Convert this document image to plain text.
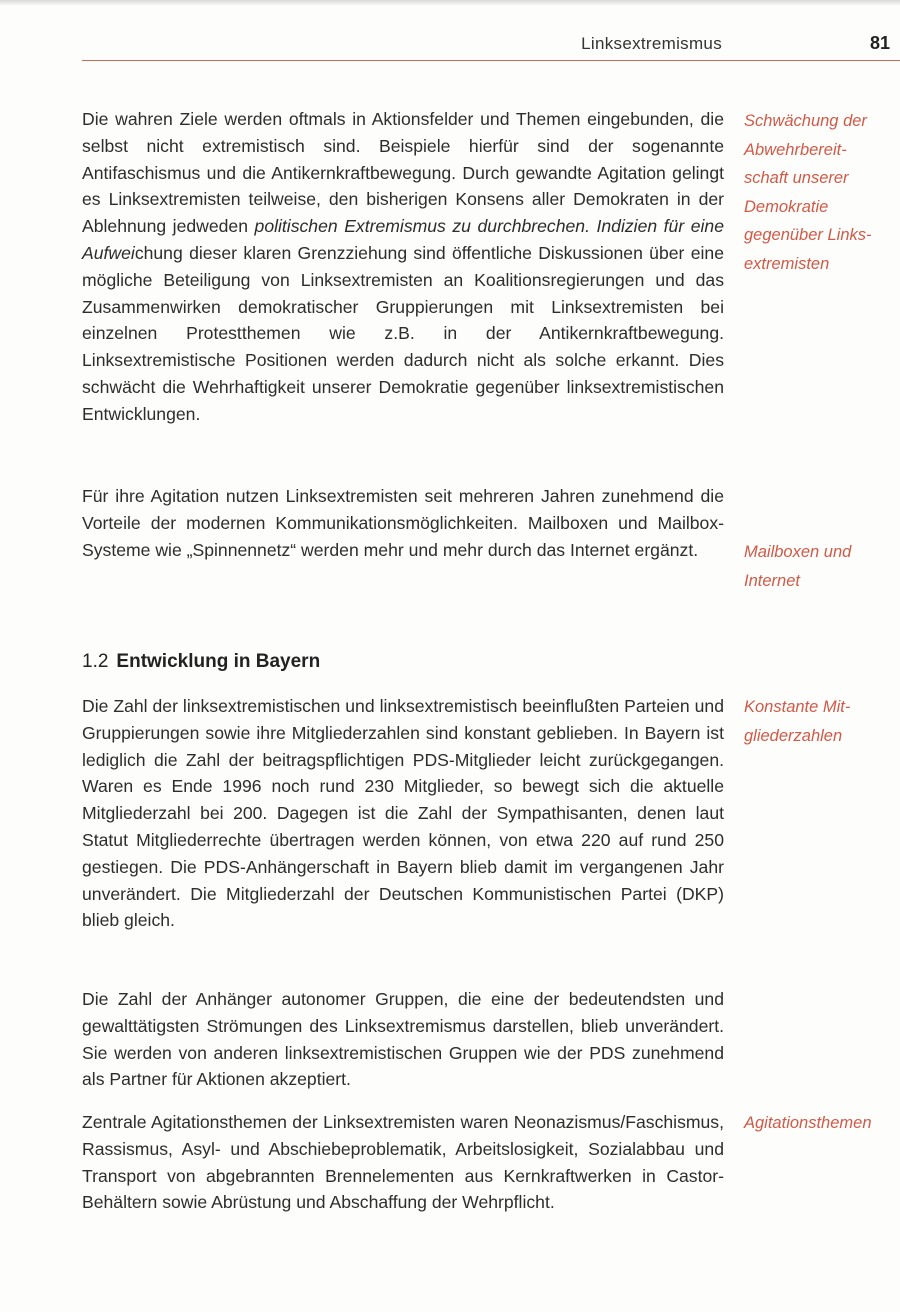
Linksextremismus	81

Die wahren Ziele werden oftmals in Aktionsfelder und Themen eingebunden, die selbst nicht extremistisch sind. Beispiele hierfür sind der sogenannte Antifaschismus und die Antikernkraftbewegung. Durch gewandte Agitation gelingt es Linksextremisten teilweise, den bisherigen Konsens aller Demokraten in der Ablehnung jedweden politischen Extremismus zu durchbrechen. Indizien für eine Aufweichung dieser klaren Grenzziehung sind öffentliche Diskussionen über eine mögliche Beteiligung von Linksextremisten an Koalitionsregierungen und das Zusammenwirken demokratischer Gruppierungen mit Linksextremisten bei einzelnen Protestthemen wie z.B. in der Antikernkraftbewegung. Linksextremistische Positionen werden dadurch nicht als solche erkannt. Dies schwächt die Wehrhaftigkeit unserer Demokratie gegenüber linksextremistischen Entwicklungen.

Für ihre Agitation nutzen Linksextremisten seit mehreren Jahren zunehmend die Vorteile der modernen Kommunikationsmöglichkeiten. Mailboxen und Mailbox-Systeme wie „Spinnennetz“ werden mehr und mehr durch das Internet ergänzt.

1.2 Entwicklung in Bayern

Die Zahl der linksextremistischen und linksextremistisch beeinflußten Parteien und Gruppierungen sowie ihre Mitgliederzahlen sind konstant geblieben. In Bayern ist lediglich die Zahl der beitragspflichtigen PDS-Mitglieder leicht zurückgegangen. Waren es Ende 1996 noch rund 230 Mitglieder, so bewegt sich die aktuelle Mitgliederzahl bei 200. Dagegen ist die Zahl der Sympathisanten, denen laut Statut Mitgliederrechte übertragen werden können, von etwa 220 auf rund 250 gestiegen. Die PDS-Anhängerschaft in Bayern blieb damit im vergangenen Jahr unverändert. Die Mitgliederzahl der Deutschen Kommunistischen Partei (DKP) blieb gleich.

Die Zahl der Anhänger autonomer Gruppen, die eine der bedeutendsten und gewalttätigsten Strömungen des Linksextremismus darstellen, blieb unverändert. Sie werden von anderen linksextremistischen Gruppen wie der PDS zunehmend als Partner für Aktionen akzeptiert.

Zentrale Agitationsthemen der Linksextremisten waren Neonazismus/Faschismus, Rassismus, Asyl- und Abschiebeproblematik, Arbeitslosigkeit, Sozialabbau und Transport von abgebrannten Brennelementen aus Kernkraftwerken in Castor-Behältern sowie Abrüstung und Abschaffung der Wehrpflicht.

Schwächung der
Abwehrbereit-
schaft unserer
Demokratie
gegenüber Links-
extremisten
Mailboxen und
Internet
Konstante Mit-
gliederzahlen
Agitationsthemen
